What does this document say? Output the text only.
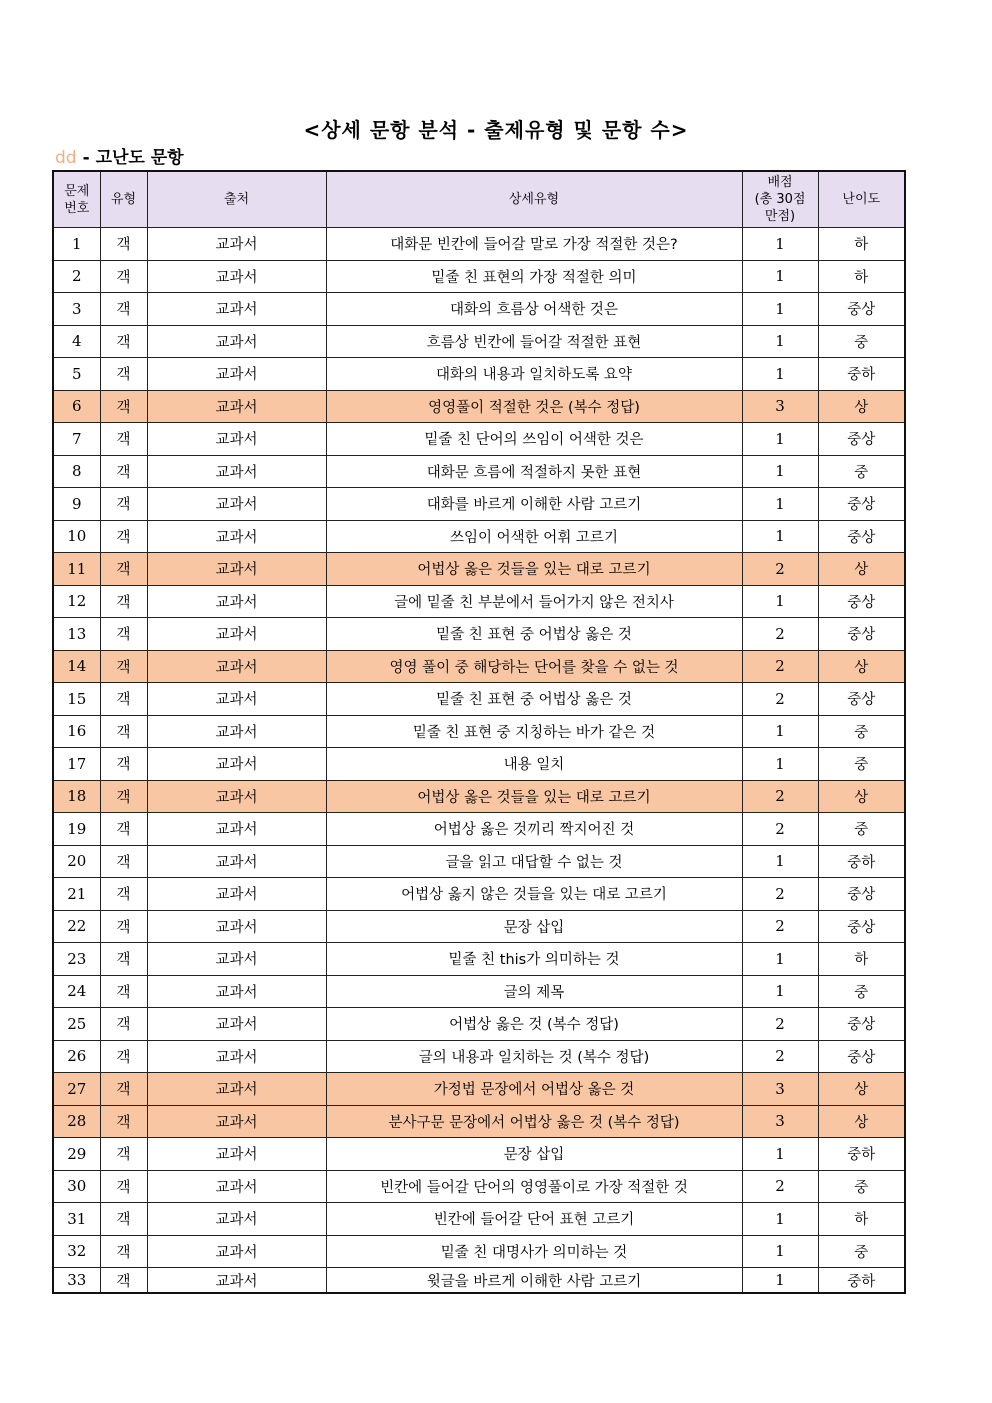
<상세 문항 분석 - 출제유형 및 문항 수>
dd - 고난도 문항
문제
번호	유형	출처	상세유형	배점
(총 30점
만점)	난이도
1	객	교과서	대화문 빈칸에 들어갈 말로 가장 적절한 것은?	1	하
2	객	교과서	밑줄 친 표현의 가장 적절한 의미	1	하
3	객	교과서	대화의 흐름상 어색한 것은	1	중상
4	객	교과서	흐름상 빈칸에 들어갈 적절한 표현	1	중
5	객	교과서	대화의 내용과 일치하도록 요약	1	중하
6	객	교과서	영영풀이 적절한 것은 (복수 정답)	3	상
7	객	교과서	밑줄 친 단어의 쓰임이 어색한 것은	1	중상
8	객	교과서	대화문 흐름에 적절하지 못한 표현	1	중
9	객	교과서	대화를 바르게 이해한 사람 고르기	1	중상
10	객	교과서	쓰임이 어색한 어휘 고르기	1	중상
11	객	교과서	어법상 옳은 것들을 있는 대로 고르기	2	상
12	객	교과서	글에 밑줄 친 부분에서 들어가지 않은 전치사	1	중상
13	객	교과서	밑줄 친 표현 중 어법상 옳은 것	2	중상
14	객	교과서	영영 풀이 중 해당하는 단어를 찾을 수 없는 것	2	상
15	객	교과서	밑줄 친 표현 중 어법상 옳은 것	2	중상
16	객	교과서	밑줄 친 표현 중 지칭하는 바가 같은 것	1	중
17	객	교과서	내용 일치	1	중
18	객	교과서	어법상 옳은 것들을 있는 대로 고르기	2	상
19	객	교과서	어법상 옳은 것끼리 짝지어진 것	2	중
20	객	교과서	글을 읽고 대답할 수 없는 것	1	중하
21	객	교과서	어법상 옳지 않은 것들을 있는 대로 고르기	2	중상
22	객	교과서	문장 삽입	2	중상
23	객	교과서	밑줄 친 this가 의미하는 것	1	하
24	객	교과서	글의 제목	1	중
25	객	교과서	어법상 옳은 것 (복수 정답)	2	중상
26	객	교과서	글의 내용과 일치하는 것 (복수 정답)	2	중상
27	객	교과서	가정법 문장에서 어법상 옳은 것	3	상
28	객	교과서	분사구문 문장에서 어법상 옳은 것 (복수 정답)	3	상
29	객	교과서	문장 삽입	1	중하
30	객	교과서	빈칸에 들어갈 단어의 영영풀이로 가장 적절한 것	2	중
31	객	교과서	빈칸에 들어갈 단어 표현 고르기	1	하
32	객	교과서	밑줄 친 대명사가 의미하는 것	1	중
33	객	교과서	윗글을 바르게 이해한 사람 고르기	1	중하
